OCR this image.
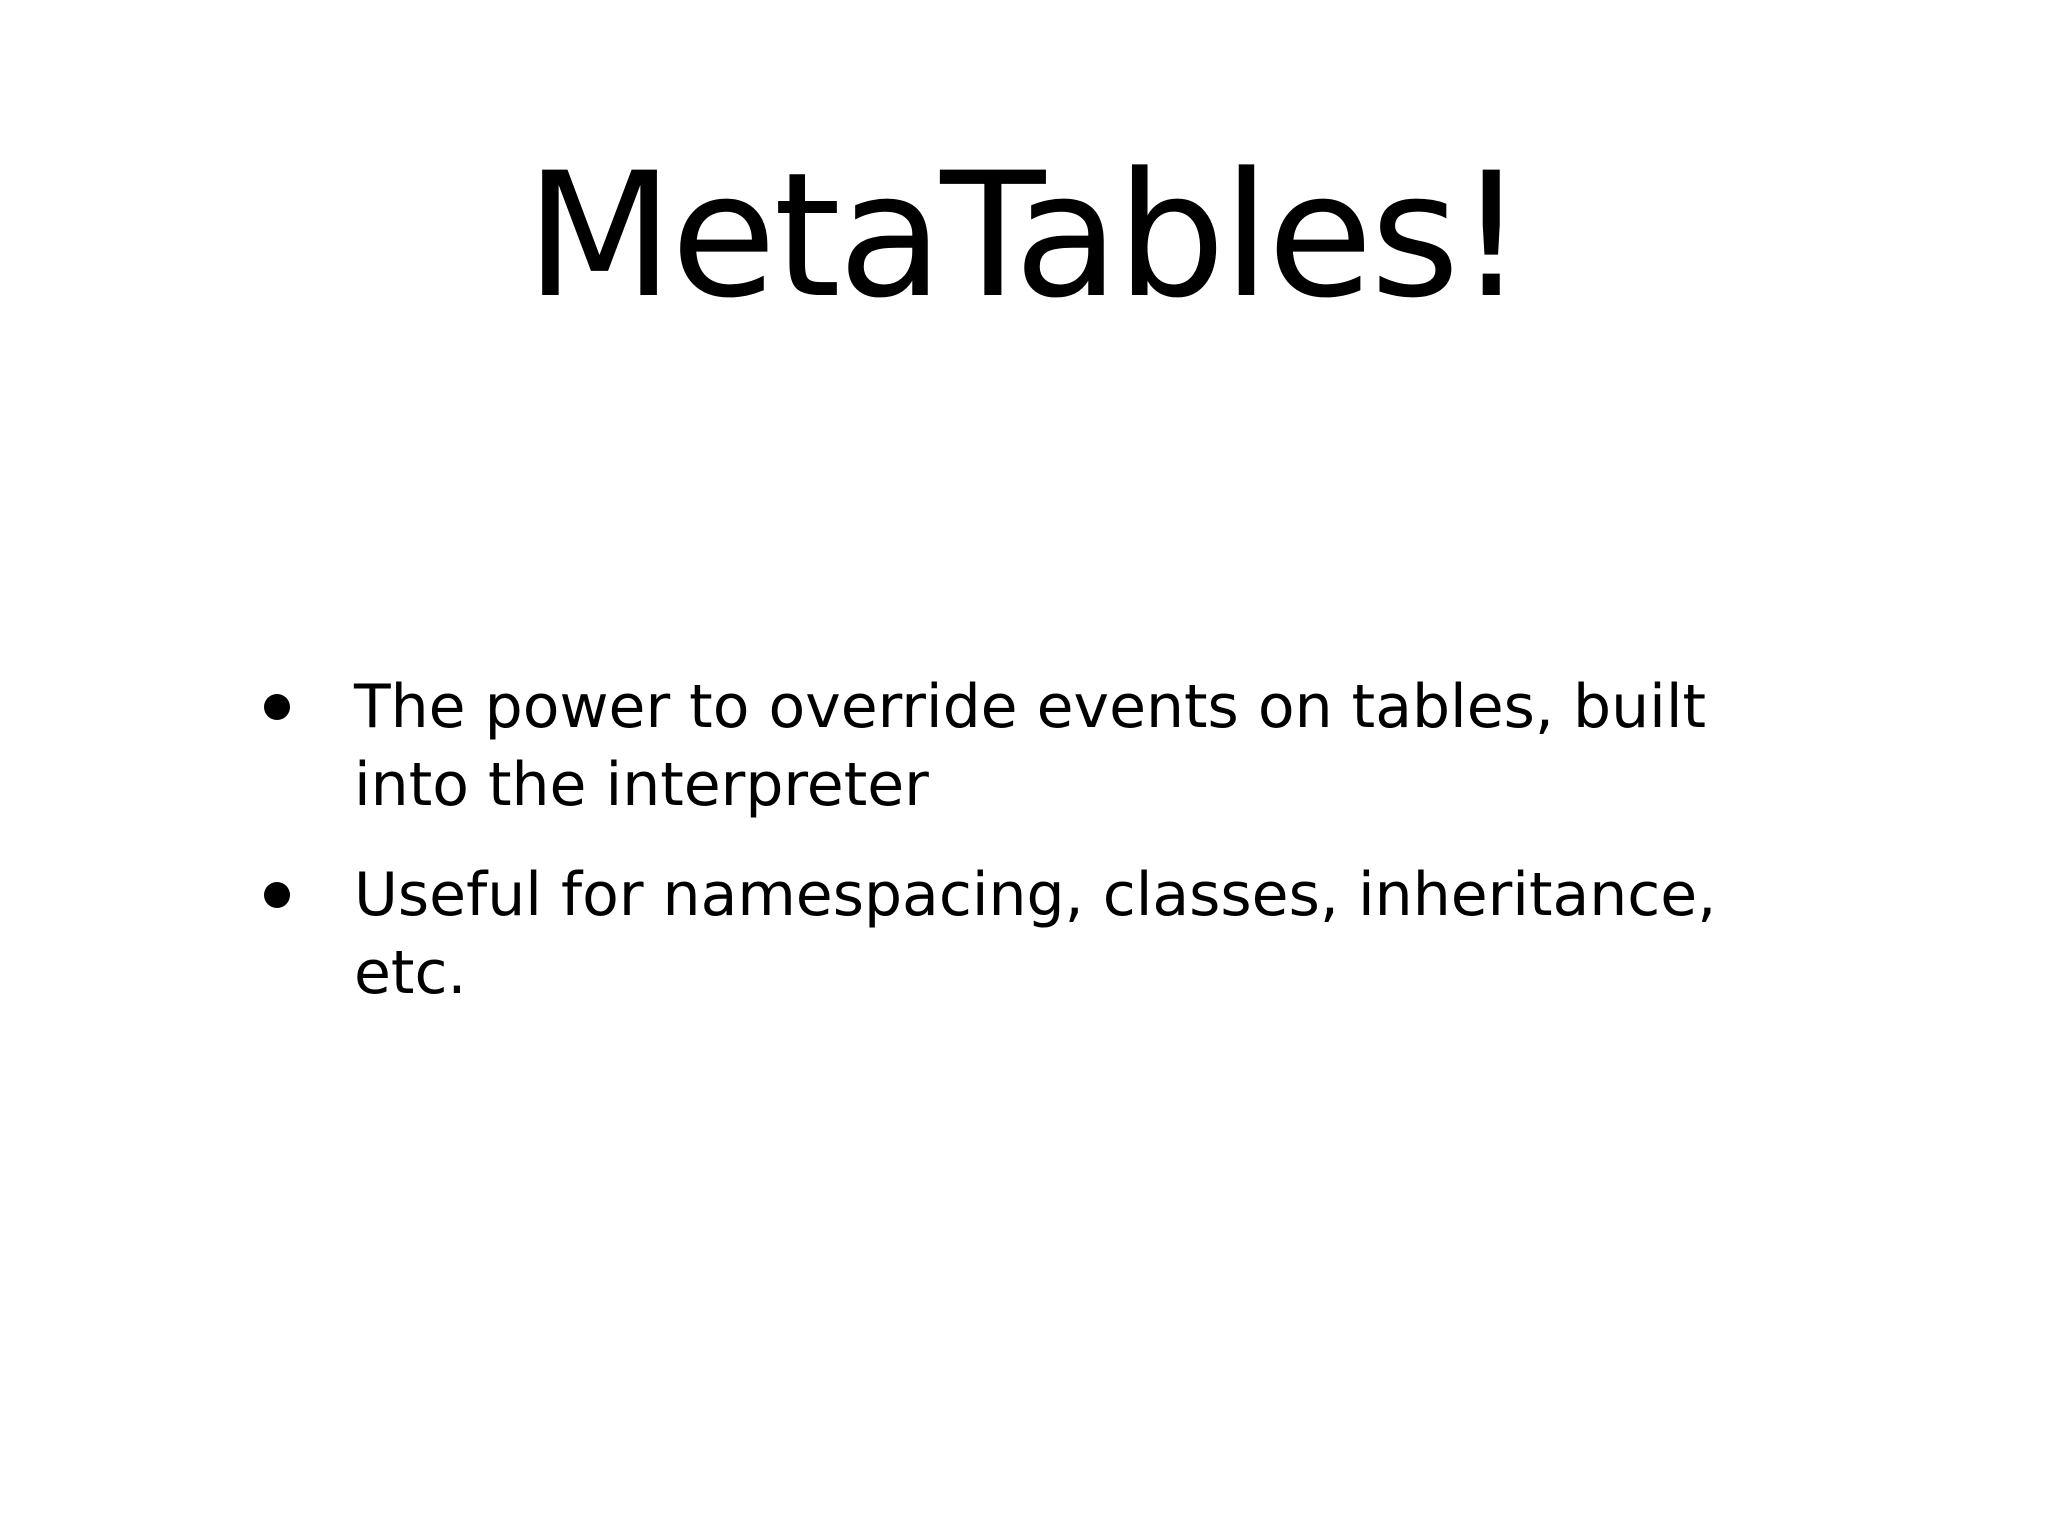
MetaTables!
The power to override events on tables, built into the interpreter
Useful for namespacing, classes, inheritance, etc.
